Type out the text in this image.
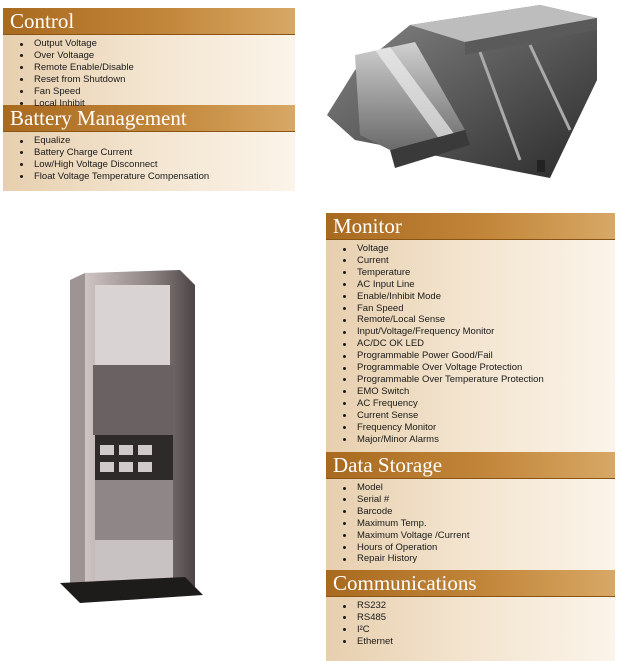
Control
Output Voltage
Over Voltaage
Remote Enable/Disable
Reset from Shutdown
Fan Speed
Local Inhibit
Battery Management
Equalize
Battery Charge Current
Low/High Voltage Disconnect
Float Voltage Temperature Compensation
Monitor
Voltage
Current
Temperature
AC Input Line
Enable/Inhibit Mode
Fan Speed
Remote/Local Sense
Input/Voltage/Frequency Monitor
AC/DC OK LED
Programmable Power Good/Fail
Programmable Over Voltage Protection
Programmable Over Temperature Protection
EMO Switch
AC Frequency
Current Sense
Frequency Monitor
Major/Minor Alarms
Data Storage
Model
Serial #
Barcode
Maximum Temp.
Maximum Voltage /Current
Hours of Operation
Repair History
Communications
RS232
RS485
I²C
Ethernet
